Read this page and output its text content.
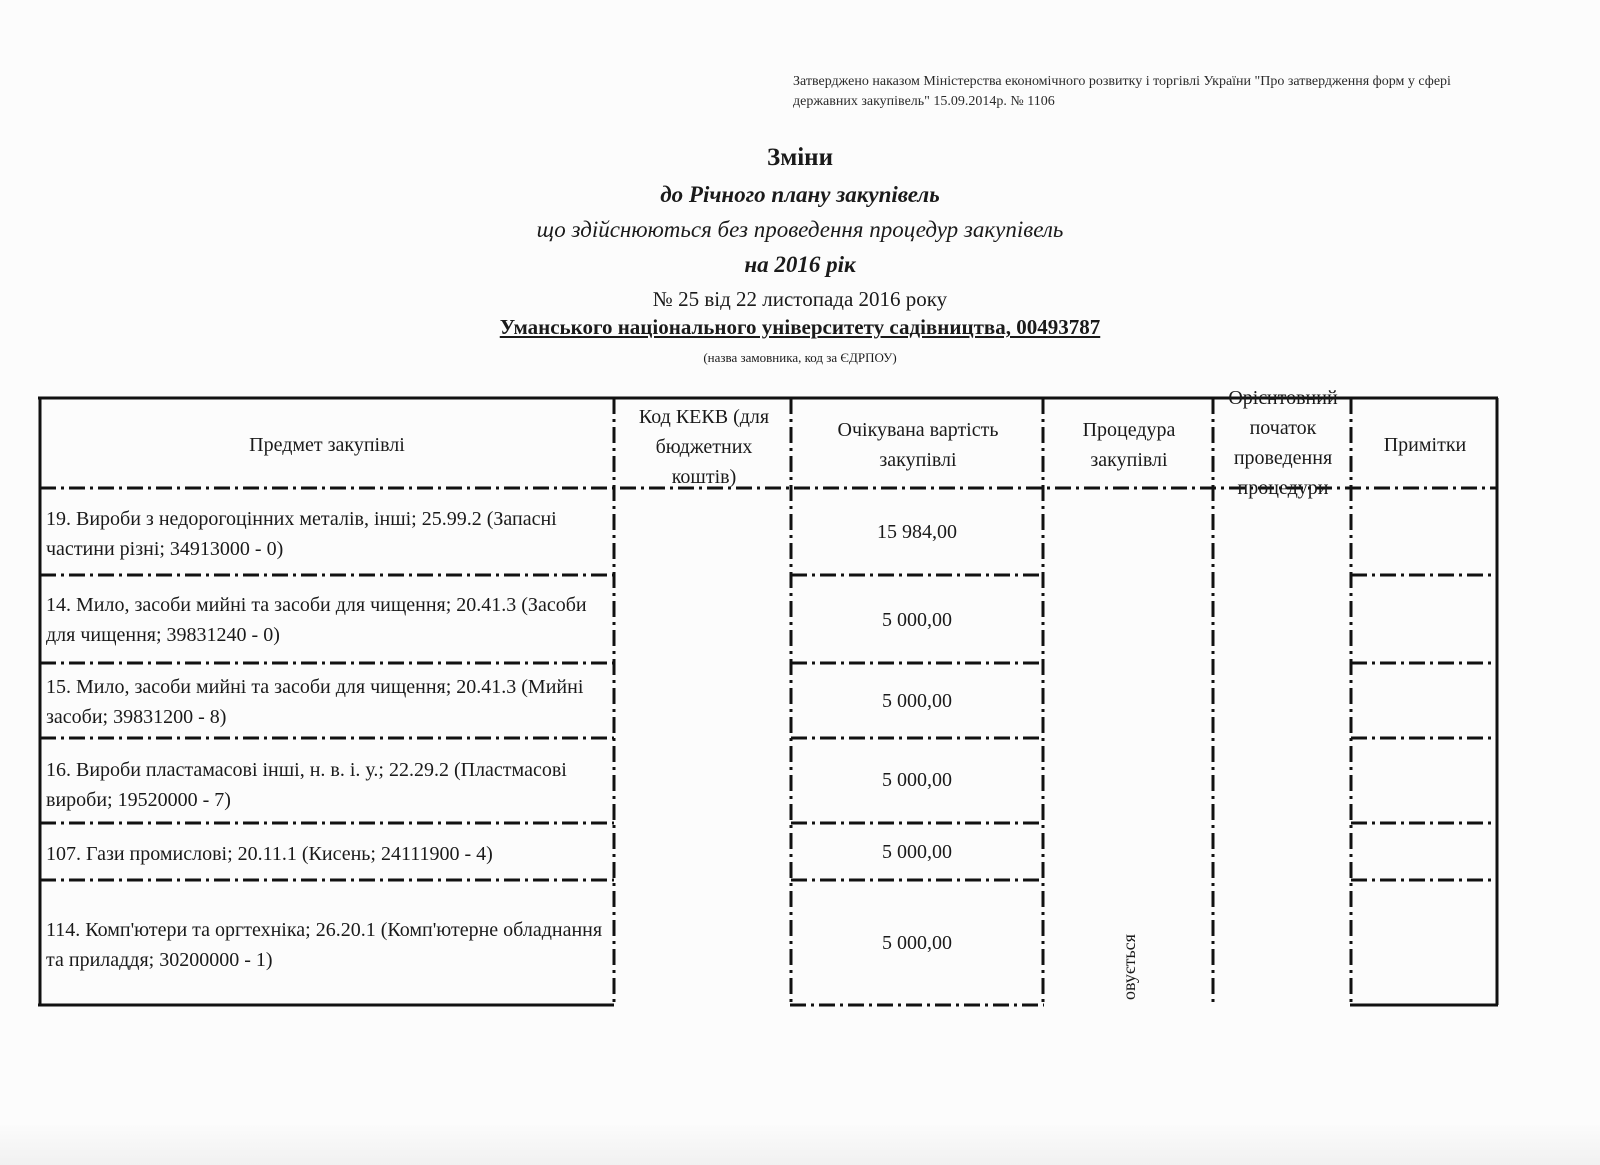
Затверджено наказом Міністерства економічного розвитку і торгівлі України "Про затвердження форм у сфері державних закупівель" 15.09.2014р. № 1106
Зміни
до Річного плану закупівель
що здійснюються без проведення процедур закупівель
на 2016 рік
№ 25 від 22 листопада 2016 року
Уманського національного університету садівництва, 00493787
(назва замовника, код за ЄДРПОУ)
Предмет закупівлі
Код КЕКВ (для бюджетних коштів)
Очікувана вартість закупівлі
Процедура закупівлі
Орієнтовний початок проведення процедури
Примітки
19. Вироби з недорогоцінних металів, інші; 25.99.2 (Запасні частини різні; 34913000 - 0)
14. Мило, засоби мийні та засоби для чищення; 20.41.3 (Засоби для чищення; 39831240 - 0)
15. Мило, засоби мийні та засоби для чищення; 20.41.3 (Мийні засоби; 39831200 - 8)
16. Вироби пластамасові інші, н. в. і. у.; 22.29.2 (Пластмасові вироби; 19520000 - 7)
107. Гази промислові; 20.11.1 (Кисень; 24111900 - 4)
114. Комп'ютери та оргтехніка; 26.20.1 (Комп'ютерне обладнання та приладдя; 30200000 - 1)
15 984,00
5 000,00
5 000,00
5 000,00
5 000,00
5 000,00	овується
